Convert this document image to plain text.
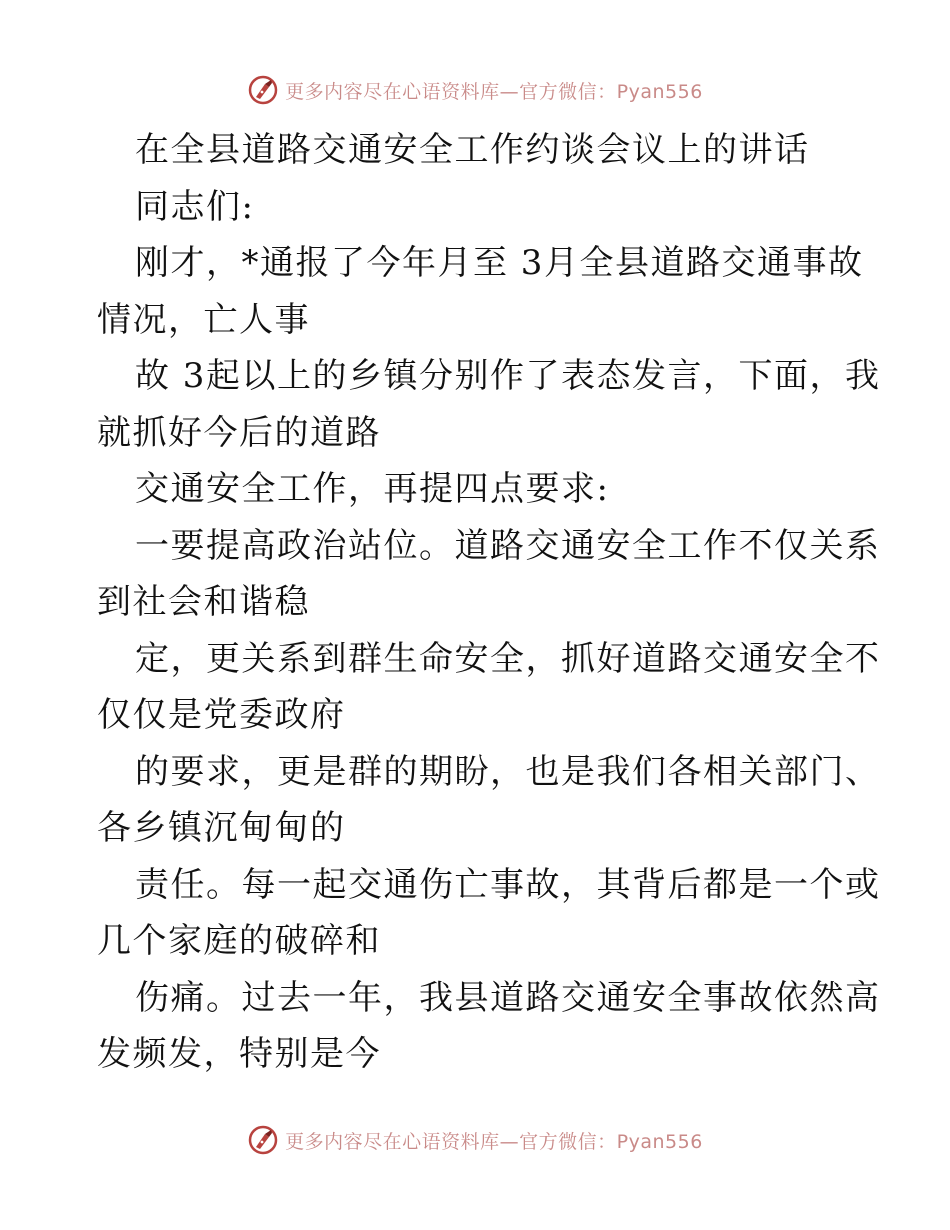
更多内容尽在心语资料库—官方微信：Pyan556
在全县道路交通安全工作约谈会议上的讲话
同志们:
刚才，*通报了今年月至 3月全县道路交通事故
情况，亡人事
故 3起以上的乡镇分别作了表态发言，下面，我
就抓好今后的道路
交通安全工作，再提四点要求:
一要提高政治站位。道路交通安全工作不仅关系
到社会和谐稳
定，更关系到群生命安全，抓好道路交通安全不
仅仅是党委政府
的要求，更是群的期盼，也是我们各相关部门、
各乡镇沉甸甸的
责任。每一起交通伤亡事故，其背后都是一个或
几个家庭的破碎和
伤痛。过去一年，我县道路交通安全事故依然高
发频发，特别是今
更多内容尽在心语资料库—官方微信：Pyan556
